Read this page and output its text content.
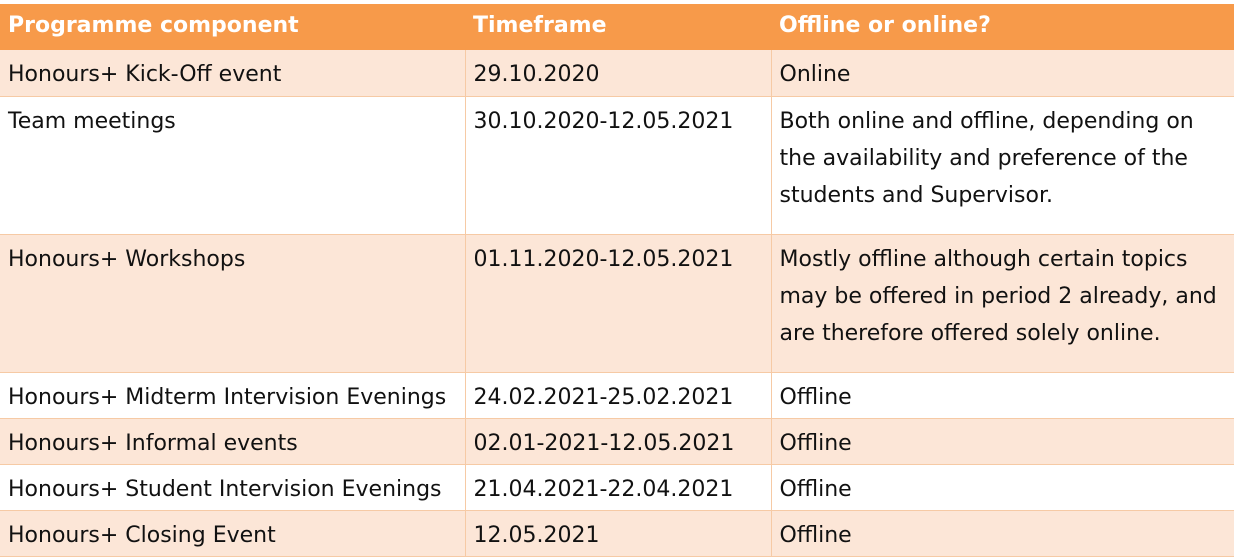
Programme component	Timeframe	Offline or online?
Honours+ Kick-Off event	29.10.2020	Online
Team meetings	30.10.2020-12.05.2021	Both online and offline, depending on the availability and preference of the students and Supervisor.
Honours+ Workshops	01.11.2020-12.05.2021	Mostly offline although certain topics may be offered in period 2 already, and are therefore offered solely online.
Honours+ Midterm Intervision Evenings	24.02.2021-25.02.2021	Offline
Honours+ Informal events	02.01-2021-12.05.2021	Offline
Honours+ Student Intervision Evenings	21.04.2021-22.04.2021	Offline
Honours+ Closing Event	12.05.2021	Offline
